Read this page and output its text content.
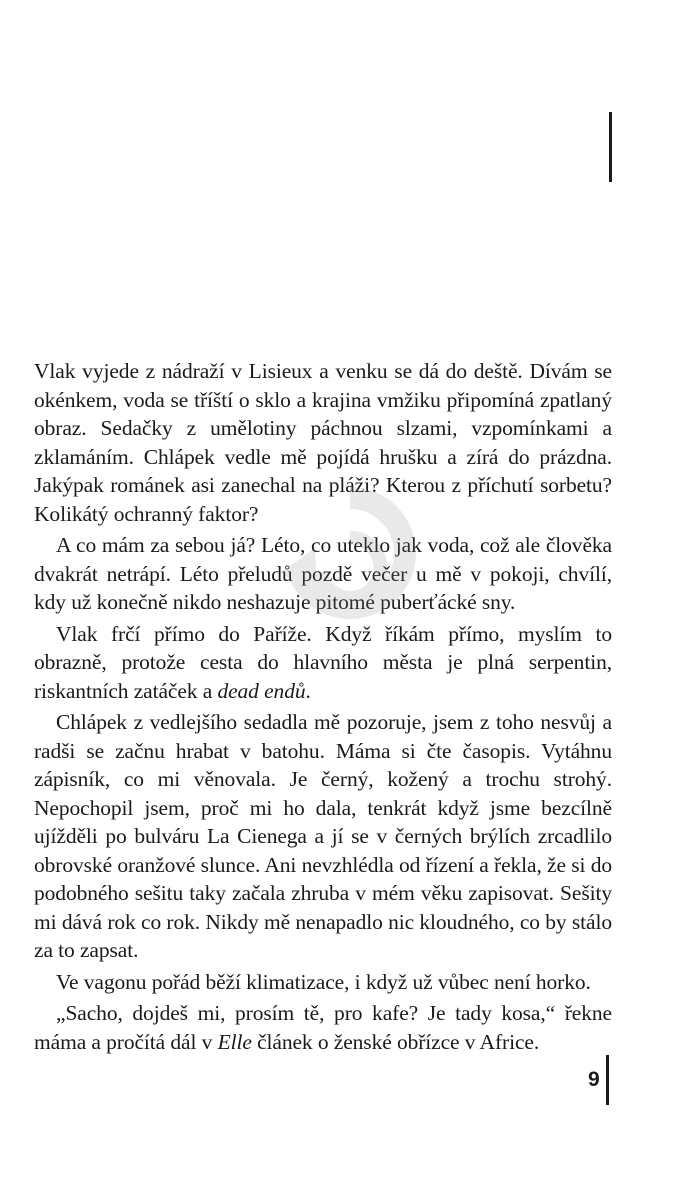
Vlak vyjede z nádraží v Lisieux a venku se dá do deště. Dívám se okénkem, voda se tříští o sklo a krajina vmžiku připomíná zpatlaný obraz. Sedačky z umělotiny páchnou slzami, vzpomínkami a zklamáním. Chlápek vedle mě pojídá hrušku a zírá do prázdna. Jakýpak románek asi zanechal na pláži? Kterou z příchutí sorbetu? Kolikátý ochranný faktor?

A co mám za sebou já? Léto, co uteklo jak voda, což ale člověka dvakrát netrápí. Léto přeludů pozdě večer u mě v pokoji, chvílí, kdy už konečně nikdo neshazuje pitomé puberťácké sny.

Vlak frčí přímo do Paříže. Když říkám přímo, myslím to obrazně, protože cesta do hlavního města je plná serpentin, riskantních zatáček a dead endů.

Chlápek z vedlejšího sedadla mě pozoruje, jsem z toho nesvůj a radši se začnu hrabat v batohu. Máma si čte časopis. Vytáhnu zápisník, co mi věnovala. Je černý, kožený a trochu strohý. Nepochopil jsem, proč mi ho dala, tenkrát když jsme bezcílně ujížděli po bulváru La Cienega a jí se v černých brýlích zrcadlilo obrovské oranžové slunce. Ani nevzhlédla od řízení a řekla, že si do podobného sešitu taky začala zhruba v mém věku zapisovat. Sešity mi dává rok co rok. Nikdy mě nenapadlo nic kloudného, co by stálo za to zapsat.

Ve vagonu pořád běží klimatizace, i když už vůbec není horko.

„Sacho, dojdeš mi, prosím tě, pro kafe? Je tady kosa,“ řekne máma a pročítá dál v Elle článek o ženské obřízce v Africe.

9
